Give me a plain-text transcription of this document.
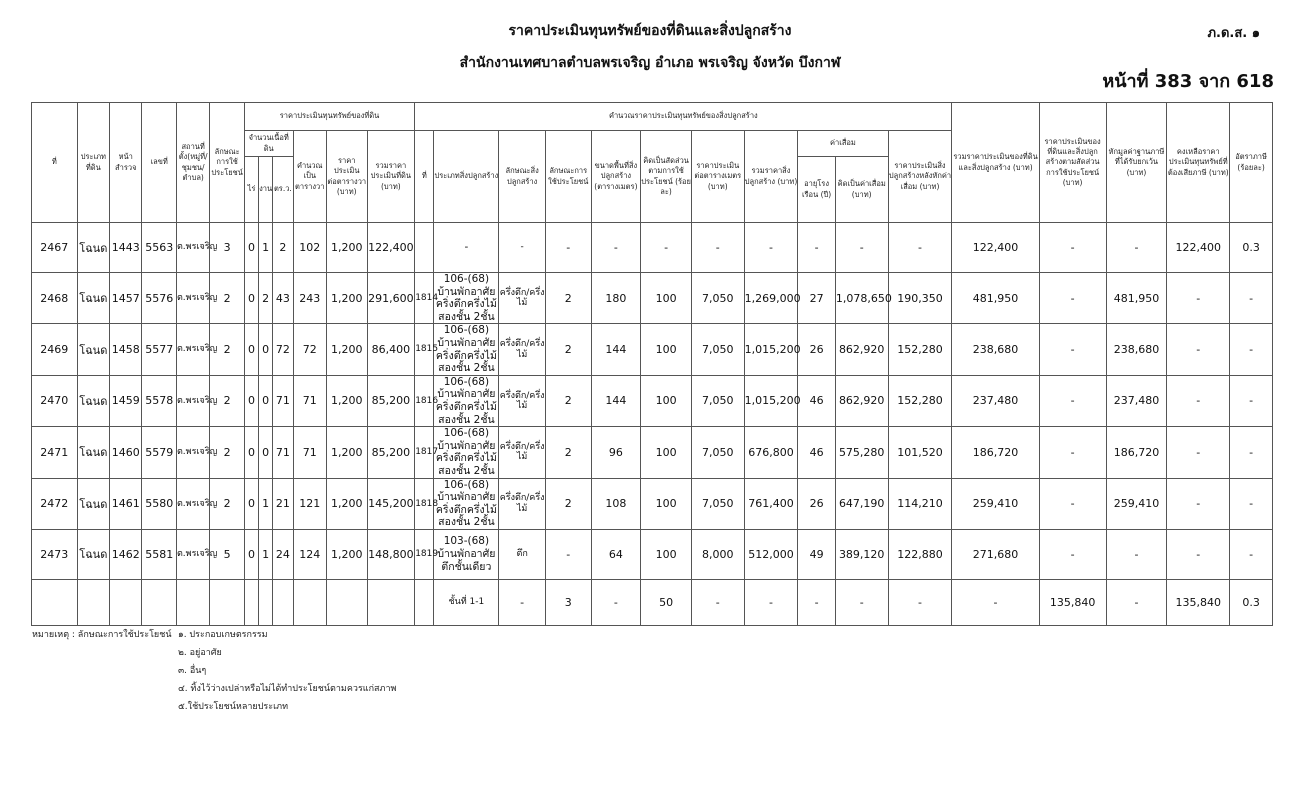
ราคาประเมินทุนทรัพย์ของที่ดินและสิ่งปลูกสร้าง	ภ.ด.ส. ๑
สำนักงานเทศบาลตำบลพรเจริญ อำเภอ พรเจริญ จังหวัด บึงกาฬ
หน้าที่ 383 จาก 618
ที่	ประเภทที่ดิน	หน้าสำรวจ	เลขที่	สถานที่ตั้ง(หมู่ที่/ชุมชน/ตำบล)	ลักษณะการใช้ประโยชน์	ราคาประเมินทุนทรัพย์ของที่ดิน						คำนวณราคาประเมินทุนทรัพย์ของสิ่งปลูกสร้าง											รวมราคาประเมินของที่ดินและสิ่งปลูกสร้าง (บาท)	ราคาประเมินของที่ดินและสิ่งปลูกสร้างตามสัดส่วนการใช้ประโยชน์ (บาท)	หักมูลค่าฐานภาษีที่ได้รับยกเว้น (บาท)	คงเหลือราคาประเมินทุนทรัพย์ที่ต้องเสียภาษี (บาท)	อัตราภาษี (ร้อยละ)
						จำนวนเนื้อที่ดิน			คำนวณเป็นตารางวา	ราคาประเมินต่อตารางวา (บาท)	รวมราคาประเมินที่ดิน (บาท)	ที่	ประเภทสิ่งปลูกสร้าง	ลักษณะสิ่งปลูกสร้าง	ลักษณะการใช้ประโยชน์	ขนาดพื้นที่สิ่งปลูกสร้าง (ตารางเมตร)	คิดเป็นสัดส่วนตามการใช้ประโยชน์ (ร้อยละ)	ราคาประเมินต่อตารางเมตร (บาท)	รวมราคาสิ่งปลูกสร้าง (บาท)	ค่าเสื่อม		ราคาประเมินสิ่งปลูกสร้างหลังหักค่าเสื่อม (บาท)					
						ไร่	งาน	ตร.ว.												อายุโรงเรือน (ปี)	คิดเป็นค่าเสื่อม (บาท)						
2467	โฉนด	1443	5563	ต.พรเจริญ	3	0	1	2	102	1,200	122,400		-	-	-	-	-	-	-	-	-	-	122,400	-	-	122,400	0.3
2468	โฉนด	1457	5576	ต.พรเจริญ	2	0	2	43	243	1,200	291,600	1814	106-(68) บ้านพักอาศัยคริ่งตึกครึ่งไม้สองชั้น 2ชั้น	ครึ่งตึก/ครึ่งไม้	2	180	100	7,050	1,269,000	27	1,078,650	190,350	481,950	-	481,950	-	-
2469	โฉนด	1458	5577	ต.พรเจริญ	2	0	0	72	72	1,200	86,400	1815	106-(68) บ้านพักอาศัยคริ่งตึกครึ่งไม้สองชั้น 2ชั้น	ครึ่งตึก/ครึ่งไม้	2	144	100	7,050	1,015,200	26	862,920	152,280	238,680	-	238,680	-	-
2470	โฉนด	1459	5578	ต.พรเจริญ	2	0	0	71	71	1,200	85,200	1816	106-(68) บ้านพักอาศัยคริ่งตึกครึ่งไม้สองชั้น 2ชั้น	ครึ่งตึก/ครึ่งไม้	2	144	100	7,050	1,015,200	46	862,920	152,280	237,480	-	237,480	-	-
2471	โฉนด	1460	5579	ต.พรเจริญ	2	0	0	71	71	1,200	85,200	1817	106-(68) บ้านพักอาศัยคริ่งตึกครึ่งไม้สองชั้น 2ชั้น	ครึ่งตึก/ครึ่งไม้	2	96	100	7,050	676,800	46	575,280	101,520	186,720	-	186,720	-	-
2472	โฉนด	1461	5580	ต.พรเจริญ	2	0	1	21	121	1,200	145,200	1818	106-(68) บ้านพักอาศัยคริ่งตึกครึ่งไม้สองชั้น 2ชั้น	ครึ่งตึก/ครึ่งไม้	2	108	100	7,050	761,400	26	647,190	114,210	259,410	-	259,410	-	-
2473	โฉนด	1462	5581	ต.พรเจริญ	5	0	1	24	124	1,200	148,800	1819	103-(68) บ้านพักอาศัยตึกชั้นเดียว	ตึก	-	64	100	8,000	512,000	49	389,120	122,880	271,680	-	-	-	-
													ชั้นที่ 1-1	-	3	-	50	-	-	-	-	-	-	135,840	-	135,840	0.3
หมายเหตุ : ลักษณะการใช้ประโยชน์ ๑. ประกอบเกษตรกรรม
๒. อยู่อาศัย
๓. อื่นๆ
๔. ทิ้งไว้ว่างเปล่าหรือไม่ได้ทำประโยชน์ตามควรแก่สภาพ
๕.ใช้ประโยชน์หลายประเภท
